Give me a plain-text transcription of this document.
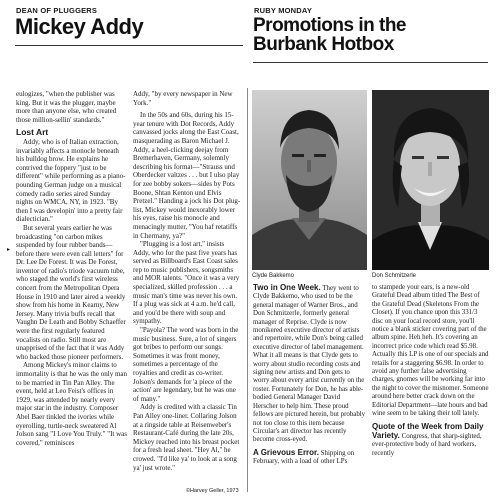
DEAN OF PLUGGERS
Mickey Addy

eulogizes, "when the publisher was king. But it was the plugger, maybe more than anyone else, who created those million-sellin' standards."

Lost Art

Addy, who is of Italian extraction, invariably affects a monocle beneath his bulldog brow. He explains he contrived the foppery "just to be different" while performing as a piano-pounding German judge on a musical comedy radio series aired Sunday nights on WMCA, NY, in 1923. "By then I was developin' into a pretty fair dialectician."

But several years earlier he was broadcasting "on carbon mikes suspended by four rubber bands—before there were even call letters" for Dr. Lee De Forest. It was De Forest, inventor of radio's triode vacuum tube, who staged the world's first wireless concert from the Metropolitan Opera House in 1910 and later aired a weekly show from his home in Kearny, New Jersey. Many trivia buffs recall that Vaughn De Leath and Bobby Schaeffer were the first regularly featured vocalists on radio. Still most are unapprised of the fact that it was Addy who backed those pioneer performers.

Among Mickey's minor claims to immortality is that he was the only man to be married in Tin Pan Alley. The event, held at Leo Feist's offices in 1929, was attended by nearly every major star in the industry. Composer Abel Baer tinkled the ivories while eyerolling, turtle-neck sweatered Al Jolson sang "I Love You Truly." "It was covered," reminisces

▸

Addy, "by every newspaper in New York."

In the 50s and 60s, during his 15-year tenure with Dot Records, Addy canvassed jocks along the East Coast, masquerading as Baron Michael J. Addy, a heel-clicking deejay from Bremerhaven, Germany, solemnly describing his format—"Strauss und Oberdecker valtzes . . . but I ulso play for zee bobby sokers—sides by Pots Boone, Shtan Kenton und Elvis Pretzel." Handing a jock his Dot plug-list, Mickey would inexorably lower his eyes, raise his monocle and menacingly mutter, "You haf retatiffs in Chermany, ya?"

"Plugging is a lost art," insists Addy, who for the past five years has served as Billboard's East Coast sales rep to music publishers, songsmiths and MOR talents. "Once it was a very specialized, skilled profession . . . a music man's time was never his own. If a plug was sick at 4 a.m. he'd call, and you'd be there with soup and sympathy.

"Payola? The word was born in the music business. Sure, a lot of singers got bribes to perform our songs. Sometimes it was front money, sometimes a percentage of the royalties and credit as co-writer. Jolson's demands for 'a piece of the action' are legendary, but he was one of many."

Addy is credited with a classic Tin Pan Alley one-liner. Collaring Jolson at a ringside table at Reisenweber's Restaurant-Café during the late 20s, Mickey reached into his breast pocket for a fresh lead sheet. "Hey Al," he crowed. "I'd like ya' to look at a song ya' just wrote."

©Harvey Geller, 1973
RUBY MONDAY
Promotions in the
Burbank Hotbox
Clyde Bakkemo	Don Schmitzerle

Two in One Week. They went to Clyde Bakkemo, who used to be the general manager of Warner Bros., and Don Schmitzerle, formerly general manager of Reprise. Clyde is now monikered executive director of artists and repertoire, while Don's being called executive director of label management. What it all means is that Clyde gets to worry about studio recording costs and signing new artists and Don gets to worry about every artist currently on the roster. Fortunately for Don, he has able-bodied General Manager David Herscher to help him. These proud fellows are pictured herein, but probably not too close to this item because Circular's art director has recently become cross-eyed.

A Grievous Error. Shipping on February, with a load of other LPs

to stampede your ears, is a new-old Grateful Dead album titled The Best of the Grateful Dead (Skeletons From the Closet). If you chance upon this 331/3 disc on your local record store, you'll notice a blank sticker covering part of the album spine. Heh heh. It's covering an incorrect price code which read $5.98. Actually this LP is one of our specials and retails for a staggering $6.98. In order to avoid any further false advertising charges, gnomes will be working far into the night to cover the misnomer. Someone around here better crack down on the Editorial Department—late hours and bad wine seem to be taking their toll lately.

Quote of the Week from Daily Variety. Congress, that sharp-sighted, ever-protective body of hard workers, recently
